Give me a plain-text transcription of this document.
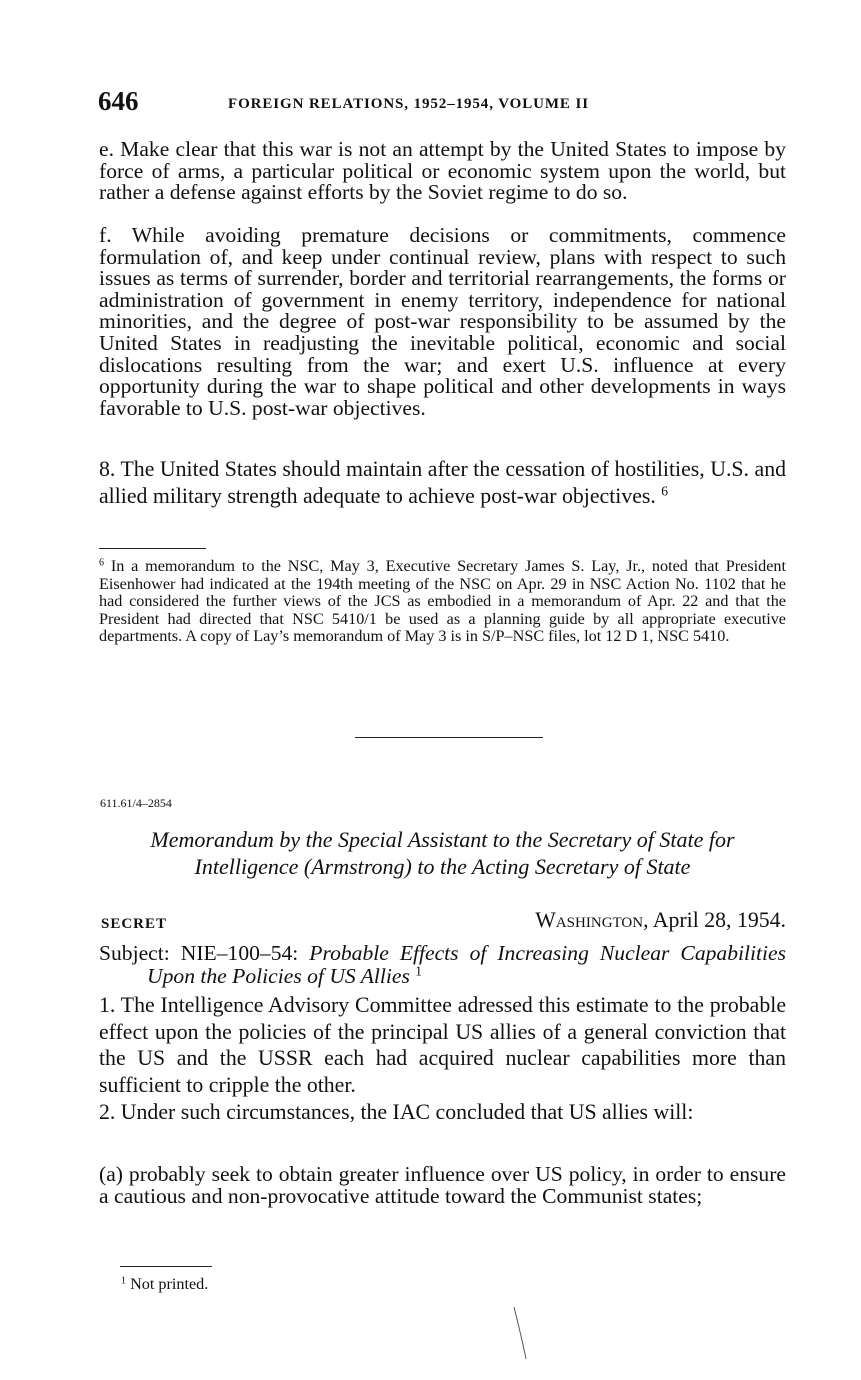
646	FOREIGN RELATIONS, 1952–1954, VOLUME II

e. Make clear that this war is not an attempt by the United States to impose by force of arms, a particular political or economic system upon the world, but rather a defense against efforts by the Soviet regime to do so.

f. While avoiding premature decisions or commitments, commence formulation of, and keep under continual review, plans with respect to such issues as terms of surrender, border and territorial rearrangements, the forms or administration of government in enemy territory, independence for national minorities, and the degree of post-war responsibility to be assumed by the United States in readjusting the inevitable political, economic and social dislocations resulting from the war; and exert U.S. influence at every opportunity during the war to shape political and other developments in ways favorable to U.S. post-war objectives.

8. The United States should maintain after the cessation of hostilities, U.S. and allied military strength adequate to achieve post-war objectives. $^6$

$^6$ In a memorandum to the NSC, May 3, Executive Secretary James S. Lay, Jr., noted that President Eisenhower had indicated at the 194th meeting of the NSC on Apr. 29 in NSC Action No. 1102 that he had considered the further views of the JCS as embodied in a memorandum of Apr. 22 and that the President had directed that NSC 5410/1 be used as a planning guide by all appropriate executive departments. A copy of Lay’s memorandum of May 3 is in S/P–NSC files, lot 12 D 1, NSC 5410.

611.61/4–2854
Memorandum by the Special Assistant to the Secretary of State for
Intelligence (Armstrong) to the Acting Secretary of State
SECRET	Washington, April 28, 1954.

Subject: NIE–100–54: Probable Effects of Increasing Nuclear Capabilities Upon the Policies of US Allies $^1$

1. The Intelligence Advisory Committee adressed this estimate to the probable effect upon the policies of the principal US allies of a general conviction that the US and the USSR each had acquired nuclear capabilities more than sufficient to cripple the other.

2. Under such circumstances, the IAC concluded that US allies will:

(a) probably seek to obtain greater influence over US policy, in order to ensure a cautious and non-provocative attitude toward the Communist states;

$^1$ Not printed.
